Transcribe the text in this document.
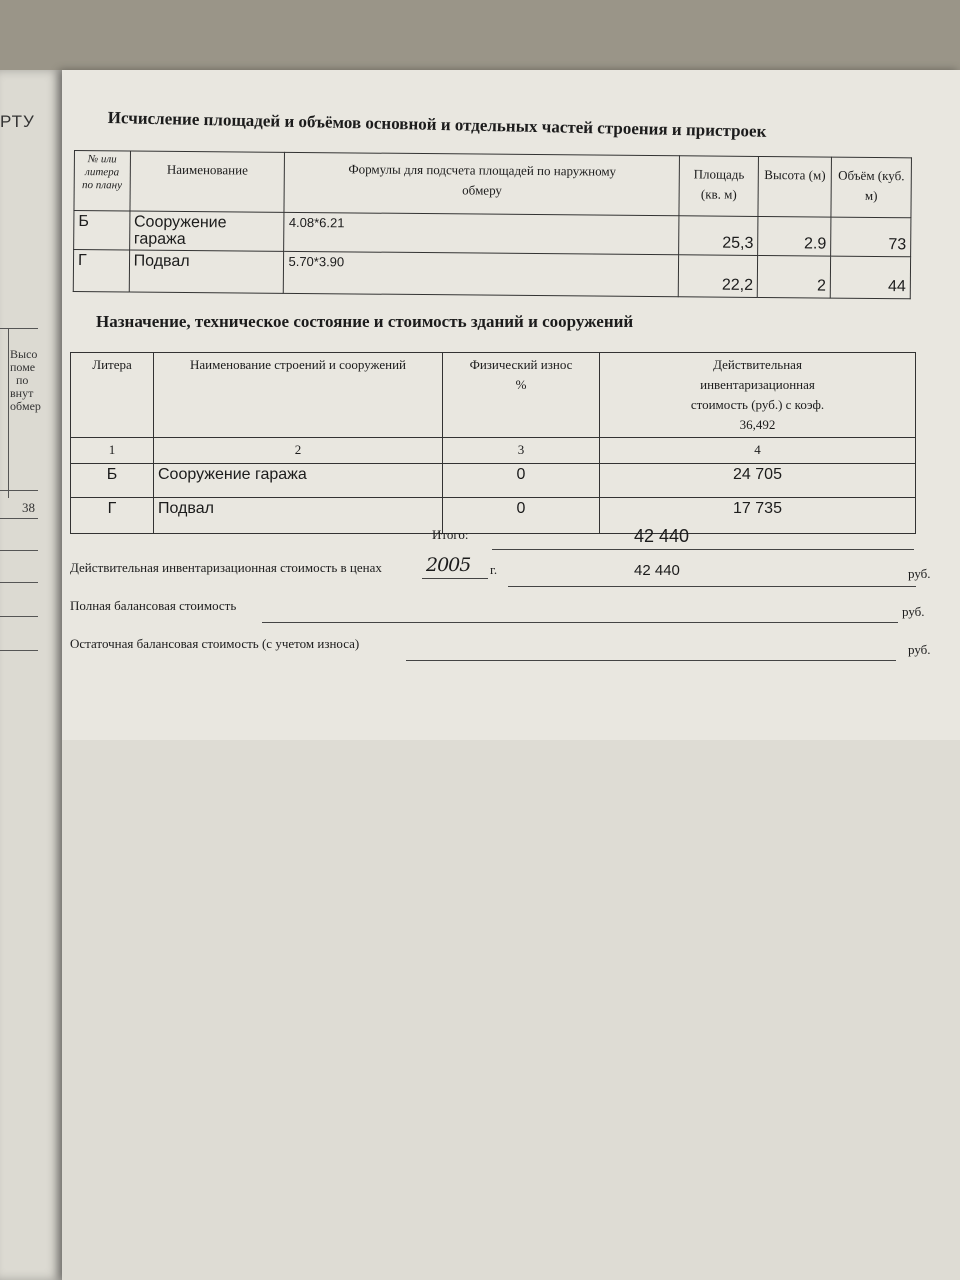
РТУ
Высо
поме
по
внут
обмер
38
Исчисление площадей и объёмов основной и отдельных частей строения и пристроек
№ или литера по плану	Наименование	Формулы для подсчета площадей по наружному обмеру	Площадь (кв. м)	Высота (м)	Объём (куб. м)
Б	Сооружение гаража	4.08*6.21	25,3	2.9	73
Г	Подвал	5.70*3.90	22,2	2	44
Назначение, техническое состояние и стоимость зданий и сооружений
Литера	Наименование строений и сооружений	Физический износ %	Действительная инвентаризационная стоимость (руб.) с коэф. 36,492
1	2	3	4
Б	Сооружение гаража	0	24 705
Г	Подвал	0	17 735
Итого:	42 440
Действительная инвентаризационная стоимость в ценах 2005 г.	42 440	руб.
Полная балансовая стоимость	руб.
Остаточная балансовая стоимость (с учетом износа)	руб.
